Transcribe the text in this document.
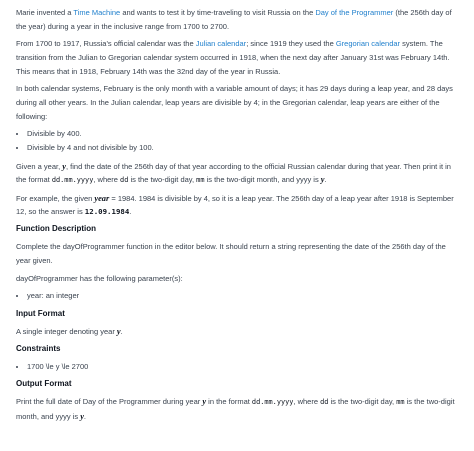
Marie invented a Time Machine and wants to test it by time-traveling to visit Russia on the Day of the Programmer (the 256th day of the year) during a year in the inclusive range from 1700 to 2700.

From 1700 to 1917, Russia's official calendar was the Julian calendar; since 1919 they used the Gregorian calendar system. The transition from the Julian to Gregorian calendar system occurred in 1918, when the next day after January 31st was February 14th. This means that in 1918, February 14th was the 32nd day of the year in Russia.

In both calendar systems, February is the only month with a variable amount of days; it has 29 days during a leap year, and 28 days during all other years. In the Julian calendar, leap years are divisible by 4; in the Gregorian calendar, leap years are either of the following:

• Divisible by 400.
• Divisible by 4 and not divisible by 100.

Given a year, y, find the date of the 256th day of that year according to the official Russian calendar during that year. Then print it in the format dd.mm.yyyy, where dd is the two-digit day, mm is the two-digit month, and yyyy is y.

For example, the given year = 1984. 1984 is divisible by 4, so it is a leap year. The 256th day of a leap year after 1918 is September 12, so the answer is 12.09.1984.

Function Description

Complete the dayOfProgrammer function in the editor below. It should return a string representing the date of the 256th day of the year given.

dayOfProgrammer has the following parameter(s):

• year: an integer
Input Format

A single integer denoting year y.

Constraints
• 1700 \le y \le 2700
Output Format

Print the full date of Day of the Programmer during year y in the format dd.mm.yyyy, where dd is the two-digit day, mm is the two-digit month, and yyyy is y.
